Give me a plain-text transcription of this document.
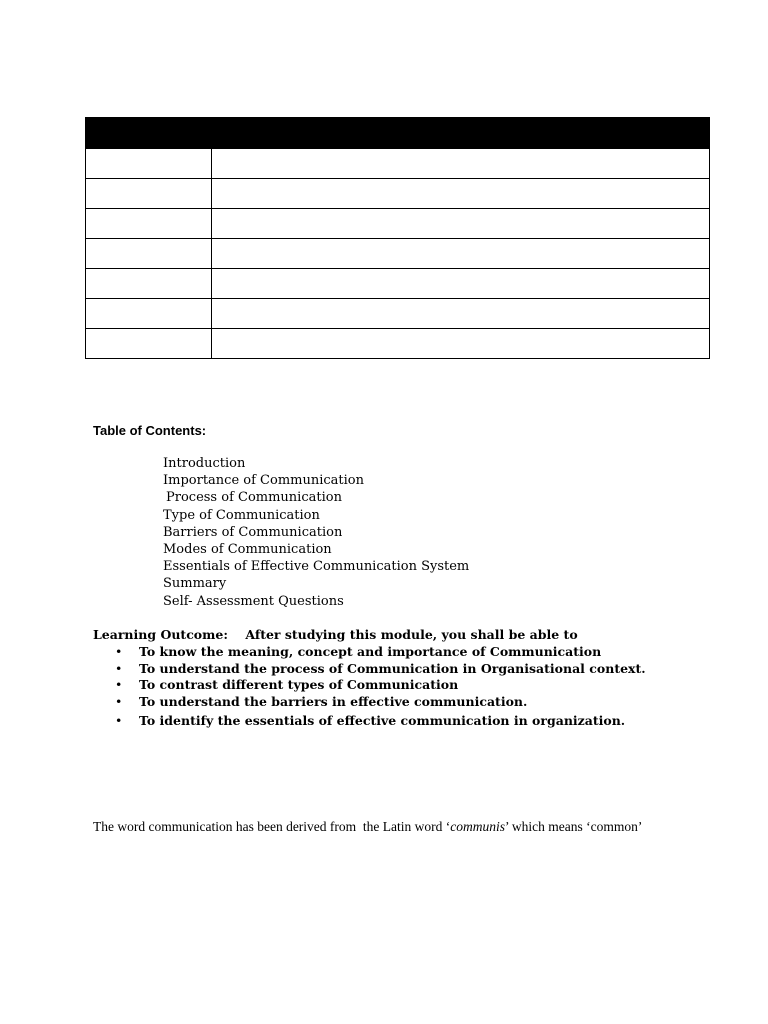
Table of Contents:

Introduction
Importance of Communication
Process of Communication
Type of Communication
Barriers of Communication
Modes of Communication
Essentials of Effective Communication System
Summary
Self- Assessment Questions

Learning Outcome:    After studying this module, you shall be able to

• To know the meaning, concept and importance of Communication
• To understand the process of Communication in Organisational context.
• To contrast different types of Communication
• To understand the barriers in effective communication.
• To identify the essentials of effective communication in organization.

The word communication has been derived from  the Latin word ‘communis’ which means ‘common’
